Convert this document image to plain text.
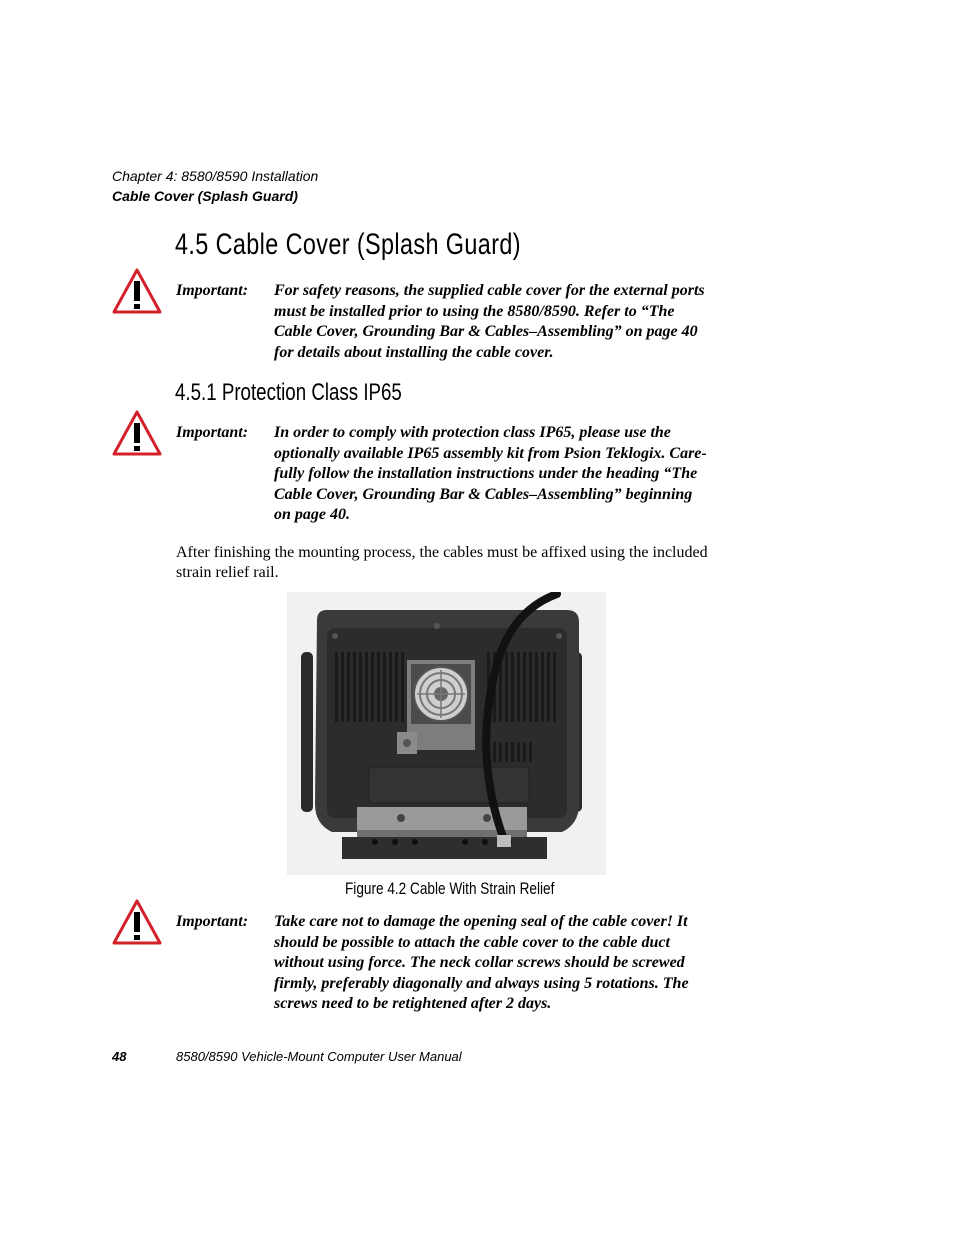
Chapter 4: 8580/8590 Installation
Cable Cover (Splash Guard)
4.5 Cable Cover (Splash Guard)
Important: For safety reasons, the supplied cable cover for the external ports
must be installed prior to using the 8580/8590. Refer to “The
Cable Cover, Grounding Bar & Cables–Assembling” on page 40
for details about installing the cable cover.
4.5.1 Protection Class IP65
Important: In order to comply with protection class IP65, please use the
optionally available IP65 assembly kit from Psion Teklogix. Care-
fully follow the installation instructions under the heading “The
Cable Cover, Grounding Bar & Cables–Assembling” beginning
on page 40.
After finishing the mounting process, the cables must be affixed using the included
strain relief rail.
Figure 4.2 Cable With Strain Relief
Important: Take care not to damage the opening seal of the cable cover! It
should be possible to attach the cable cover to the cable duct
without using force. The neck collar screws should be screwed
firmly, preferably diagonally and always using 5 rotations. The
screws need to be retightened after 2 days.
48	8580/8590 Vehicle-Mount Computer User Manual
